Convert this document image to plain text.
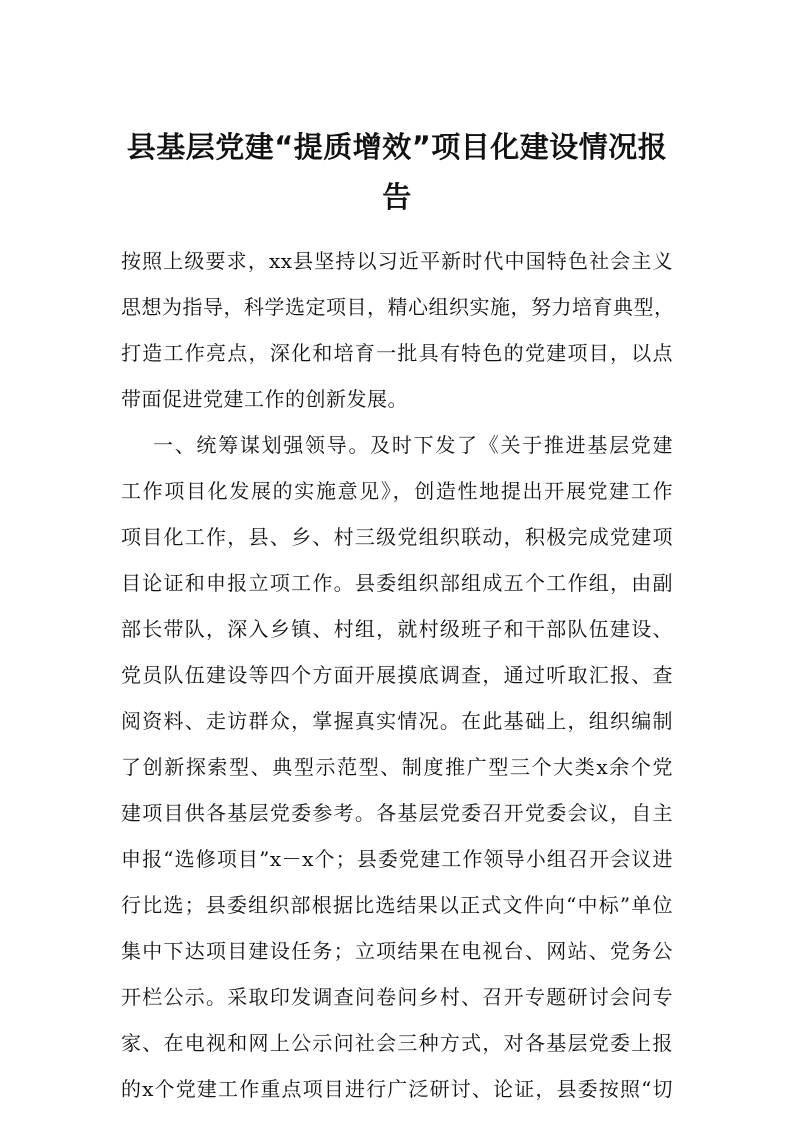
县基层党建“提质增效”项目化建设情况报
告
按照上级要求，xx县坚持以习近平新时代中国特色社会主义
思想为指导，科学选定项目，精心组织实施，努力培育典型，
打造工作亮点，深化和培育一批具有特色的党建项目，以点
带面促进党建工作的创新发展。
一、统筹谋划强领导。及时下发了《关于推进基层党建
工作项目化发展的实施意见》，创造性地提出开展党建工作
项目化工作，县、乡、村三级党组织联动，积极完成党建项
目论证和申报立项工作。县委组织部组成五个工作组，由副
部长带队，深入乡镇、村组，就村级班子和干部队伍建设、
党员队伍建设等四个方面开展摸底调查，通过听取汇报、查
阅资料、走访群众，掌握真实情况。在此基础上，组织编制
了创新探索型、典型示范型、制度推广型三个大类x余个党
建项目供各基层党委参考。各基层党委召开党委会议，自主
申报“选修项目”x－x个；县委党建工作领导小组召开会议进
行比选；县委组织部根据比选结果以正式文件向“中标”单位
集中下达项目建设任务；立项结果在电视台、网站、党务公
开栏公示。采取印发调查问卷问乡村、召开专题研讨会问专
家、在电视和网上公示问社会三种方式，对各基层党委上报
的x个党建工作重点项目进行广泛研讨、论证，县委按照“切
